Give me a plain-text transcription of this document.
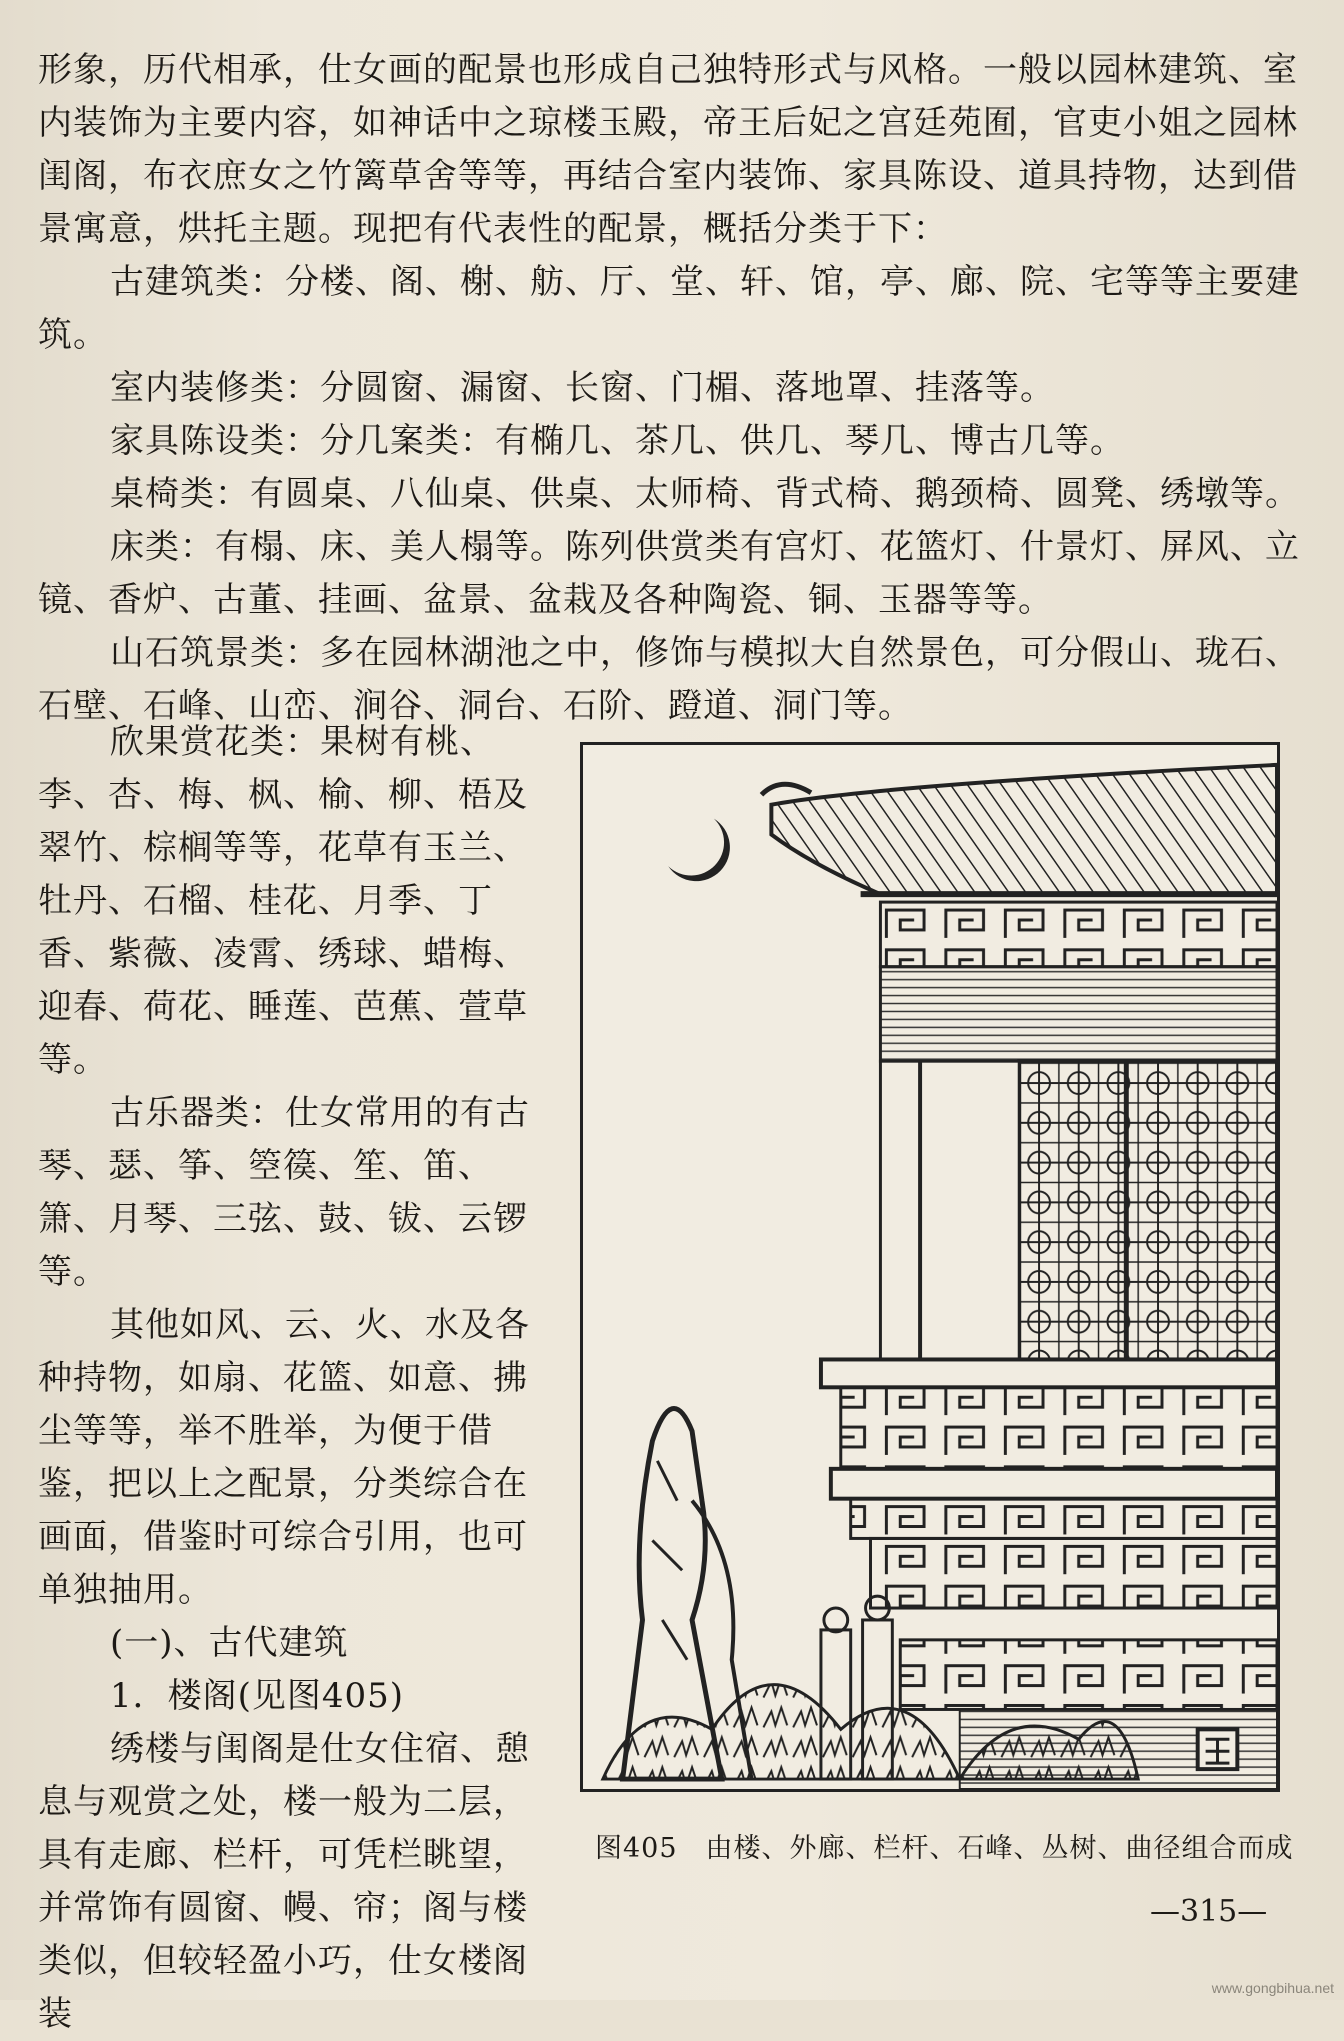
形象，历代相承，仕女画的配景也形成自己独特形式与风格。一般以园林建筑、室内装饰为主要内容，如神话中之琼楼玉殿，帝王后妃之宫廷苑囿，官吏小姐之园林闺阁，布衣庶女之竹篱草舍等等，再结合室内装饰、家具陈设、道具持物，达到借景寓意，烘托主题。现把有代表性的配景，概括分类于下：

古建筑类：分楼、阁、榭、舫、厅、堂、轩、馆，亭、廊、院、宅等等主要建筑。

室内装修类：分圆窗、漏窗、长窗、门楣、落地罩、挂落等。

家具陈设类：分几案类：有椭几、茶几、供几、琴几、博古几等。

桌椅类：有圆桌、八仙桌、供桌、太师椅、背式椅、鹅颈椅、圆凳、绣墩等。

床类：有榻、床、美人榻等。陈列供赏类有宫灯、花篮灯、什景灯、屏风、立镜、香炉、古董、挂画、盆景、盆栽及各种陶瓷、铜、玉器等等。

山石筑景类：多在园林湖池之中，修饰与模拟大自然景色，可分假山、珑石、石壁、石峰、山峦、涧谷、洞台、石阶、蹬道、洞门等。

欣果赏花类：果树有桃、李、杏、梅、枫、榆、柳、梧及翠竹、棕榈等等，花草有玉兰、牡丹、石榴、桂花、月季、丁香、紫薇、凌霄、绣球、蜡梅、迎春、荷花、睡莲、芭蕉、萱草等。

古乐器类：仕女常用的有古琴、瑟、筝、箜篌、笙、笛、箫、月琴、三弦、鼓、钹、云锣等。

其他如风、云、火、水及各种持物，如扇、花篮、如意、拂尘等等，举不胜举，为便于借鉴，把以上之配景，分类综合在画面，借鉴时可综合引用，也可单独抽用。

(一)、古代建筑

1．楼阁(见图405)

绣楼与闺阁是仕女住宿、憩息与观赏之处，楼一般为二层，具有走廊、栏杆，可凭栏眺望，并常饰有圆窗、幔、帘；阁与楼类似，但较轻盈小巧，仕女楼阁装

图405　由楼、外廊、栏杆、石峰、丛树、曲径组合而成
—315—
www.gongbihua.net
